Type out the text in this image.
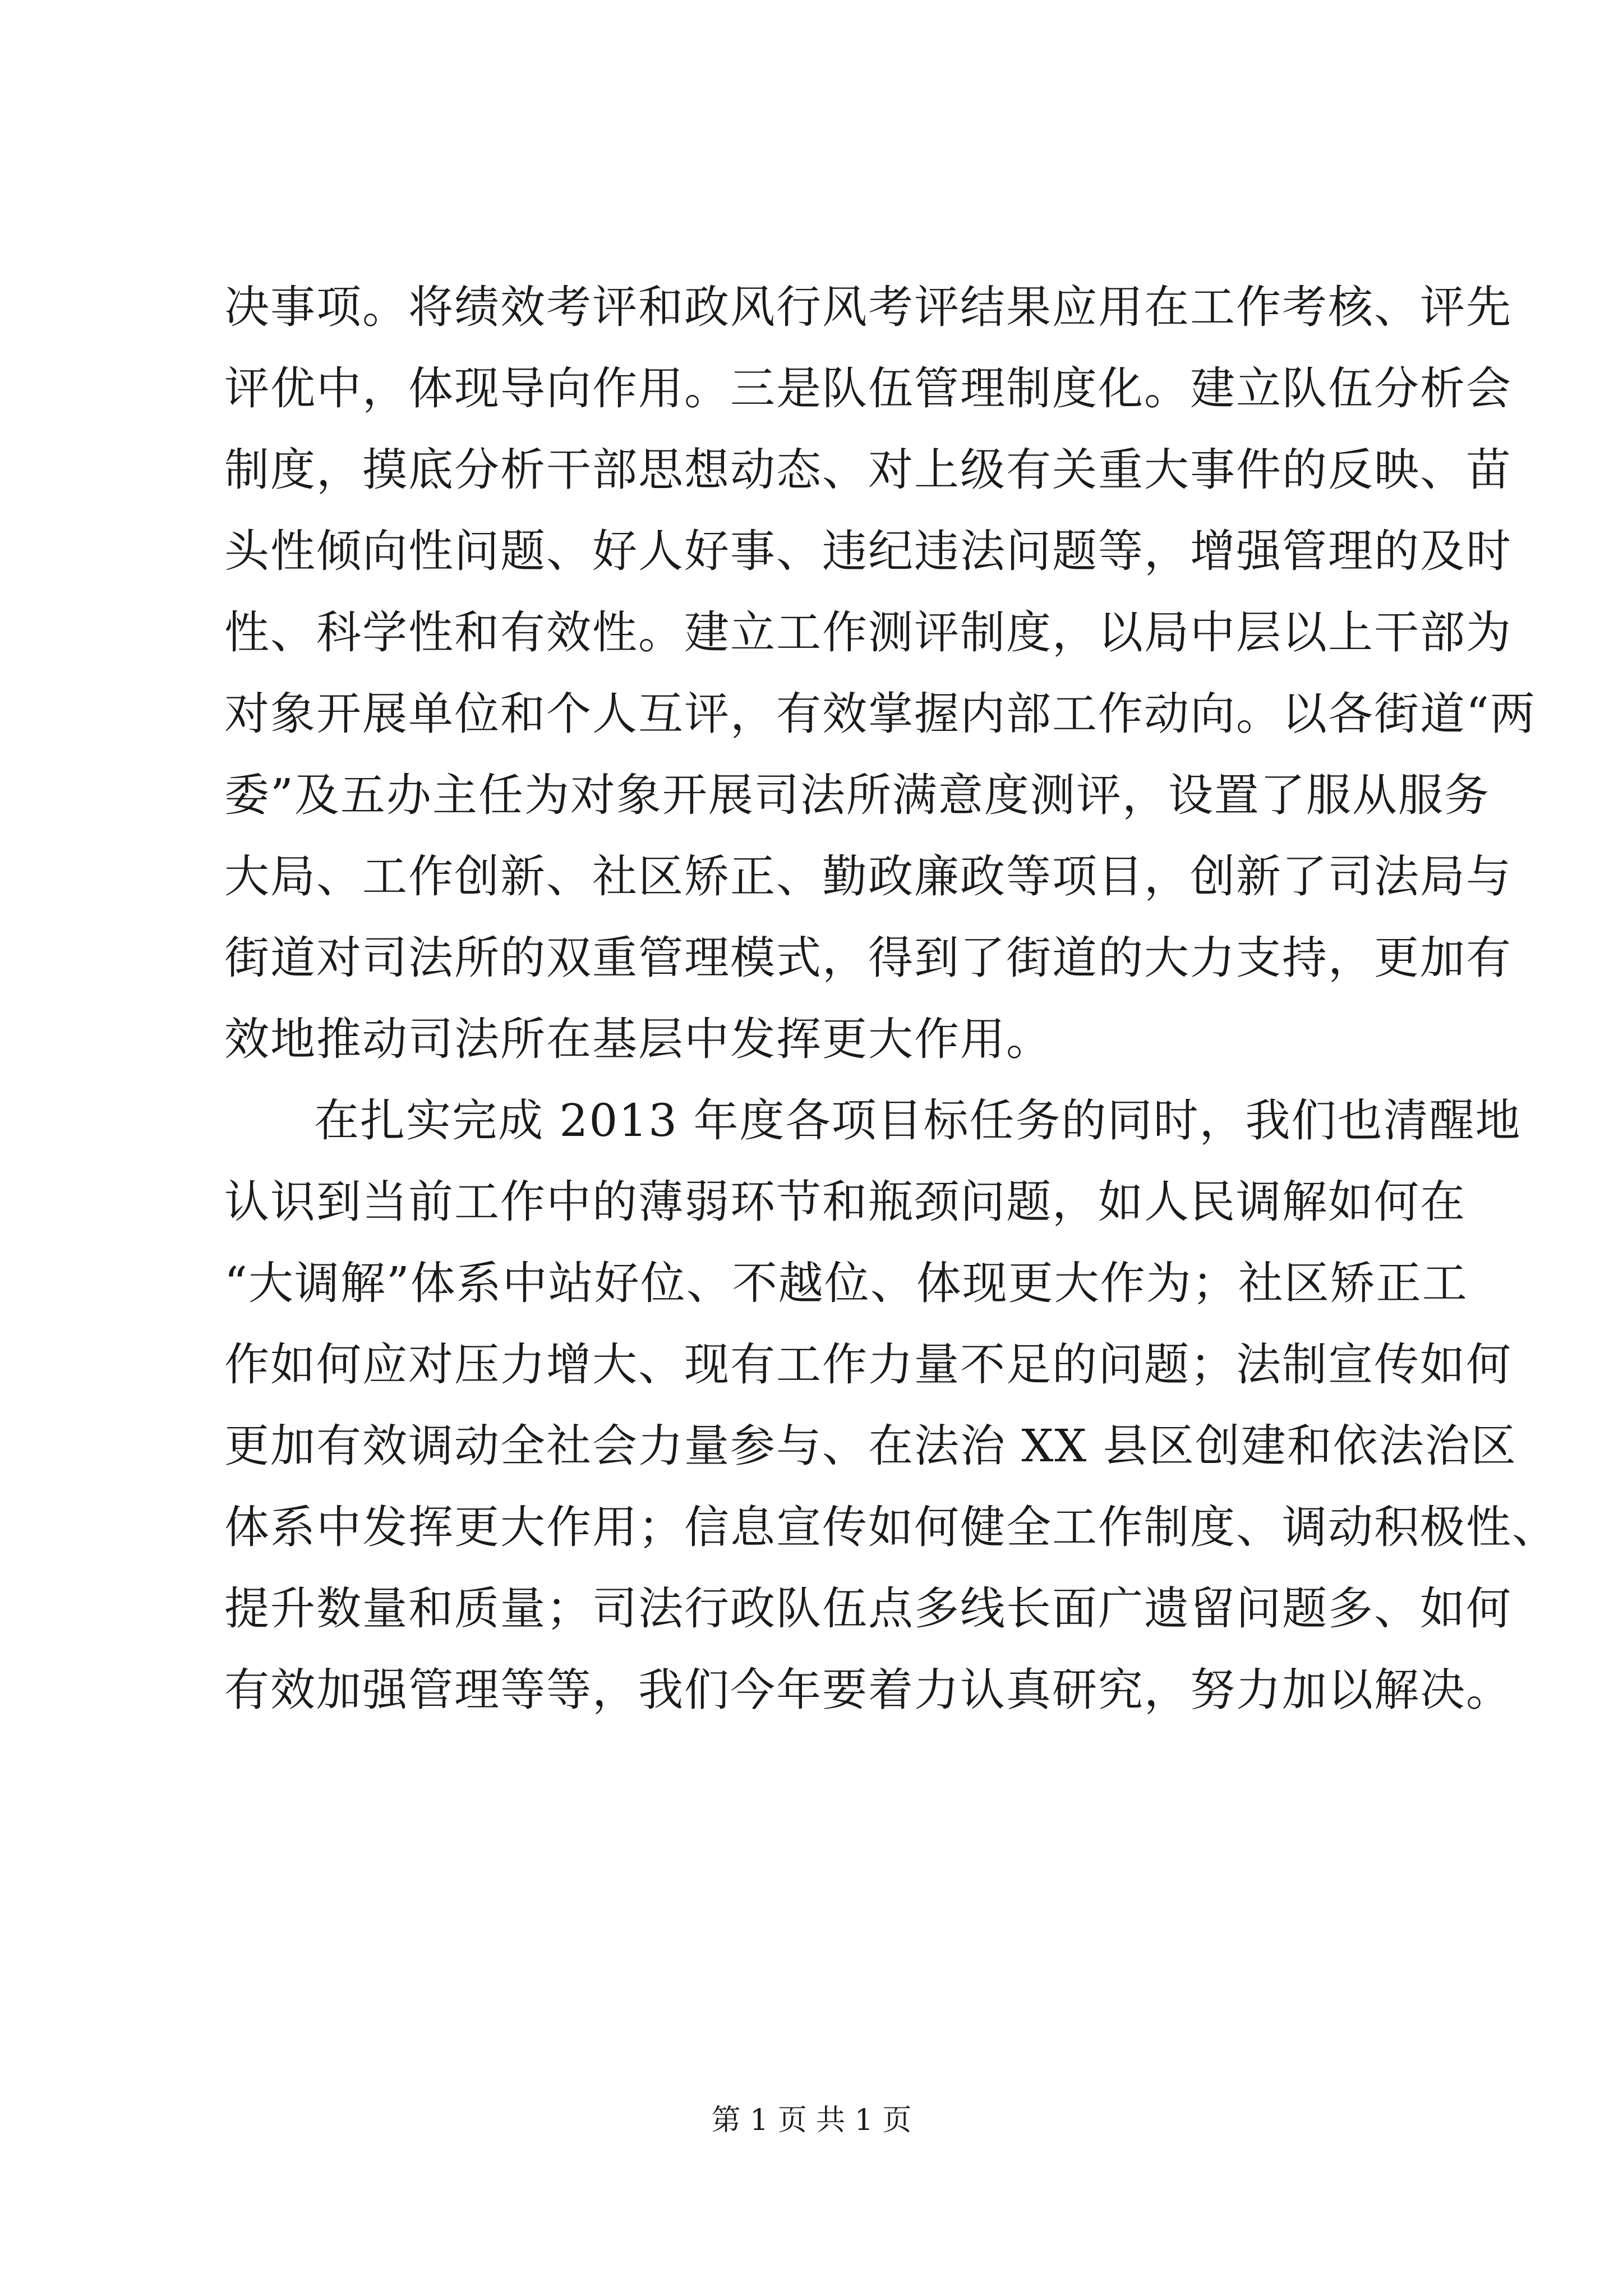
决事项。将绩效考评和政风行风考评结果应用在工作考核、评先
评优中，体现导向作用。三是队伍管理制度化。建立队伍分析会
制度，摸底分析干部思想动态、对上级有关重大事件的反映、苗
头性倾向性问题、好人好事、违纪违法问题等，增强管理的及时
性、科学性和有效性。建立工作测评制度，以局中层以上干部为
对象开展单位和个人互评，有效掌握内部工作动向。以各街道“两
委”及五办主任为对象开展司法所满意度测评，设置了服从服务
大局、工作创新、社区矫正、勤政廉政等项目，创新了司法局与
街道对司法所的双重管理模式，得到了街道的大力支持，更加有
效地推动司法所在基层中发挥更大作用。
在扎实完成 2013 年度各项目标任务的同时，我们也清醒地
认识到当前工作中的薄弱环节和瓶颈问题，如人民调解如何在
“大调解”体系中站好位、不越位、体现更大作为；社区矫正工
作如何应对压力增大、现有工作力量不足的问题；法制宣传如何
更加有效调动全社会力量参与、在法治 XX 县区创建和依法治区
体系中发挥更大作用；信息宣传如何健全工作制度、调动积极性、
提升数量和质量；司法行政队伍点多线长面广遗留问题多、如何
有效加强管理等等，我们今年要着力认真研究，努力加以解决。
第 1 页 共 1 页
